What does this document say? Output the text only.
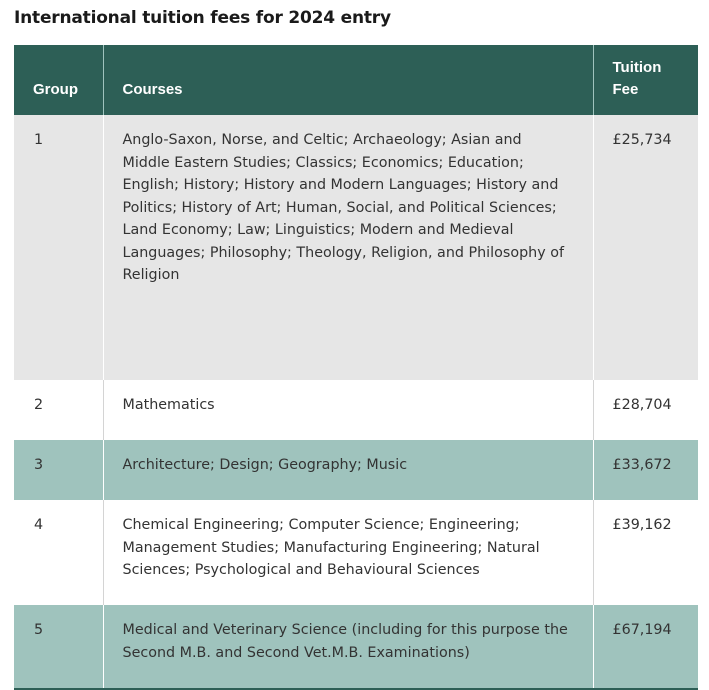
International tuition fees for 2024 entry
Group	Courses	Tuition Fee
1	Anglo-Saxon, Norse, and Celtic; Archaeology; Asian and Middle Eastern Studies; Classics; Economics; Education; English; History; History and Modern Languages; History and Politics; History of Art; Human, Social, and Political Sciences; Land Economy; Law; Linguistics; Modern and Medieval Languages; Philosophy; Theology, Religion, and Philosophy of Religion	£25,734
2	Mathematics	£28,704
3	Architecture; Design; Geography; Music	£33,672
4	Chemical Engineering; Computer Science; Engineering; Management Studies; Manufacturing Engineering; Natural Sciences; Psychological and Behavioural Sciences	£39,162
5	Medical and Veterinary Science (including for this purpose the Second M.B. and Second Vet.M.B. Examinations)	£67,194
